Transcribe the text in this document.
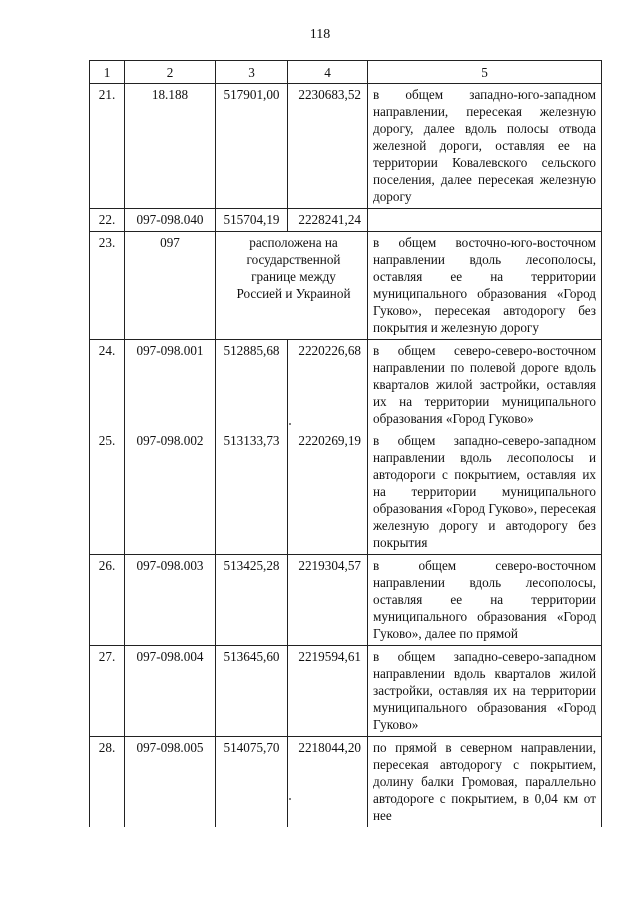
118
1	2	3	4	5
21.	18.188	517901,00	2230683,52	в общем западно-юго-западном направлении, пересекая железную дорогу, далее вдоль полосы отвода железной дороги, оставляя ее на территории Ковалевского сельского поселения, далее пересекая железную дорогу
22.	097-098.040	515704,19	2228241,24	
23.	097	расположена на государственной границе между Россией и Украиной		в общем восточно-юго-восточном направлении вдоль лесополосы, оставляя ее на территории муниципального образования «Город Гуково», пересекая автодорогу без покрытия и железную дорогу
24.	097-098.001	512885,68	2220226,68	в общем северо-северо-восточном направлении по полевой дороге вдоль кварталов жилой застройки, оставляя их на территории муниципального образования «Город Гуково»
25.	097-098.002	513133,73	2220269,19	в общем западно-северо-западном направлении вдоль лесополосы и автодороги с покрытием, оставляя их на территории муниципального образования «Город Гуково», пересекая железную дорогу и автодорогу без покрытия
26.	097-098.003	513425,28	2219304,57	в общем северо-восточном направлении вдоль лесополосы, оставляя ее на территории муниципального образования «Город Гуково», далее по прямой
27.	097-098.004	513645,60	2219594,61	в общем западно-северо-западном направлении вдоль кварталов жилой застройки, оставляя их на территории муниципального образования «Город Гуково»
28.	097-098.005	514075,70	2218044,20	по прямой в северном направлении, пересекая автодорогу с покрытием, долину балки Громовая, параллельно автодороге с покрытием, в 0,04 км от нее
